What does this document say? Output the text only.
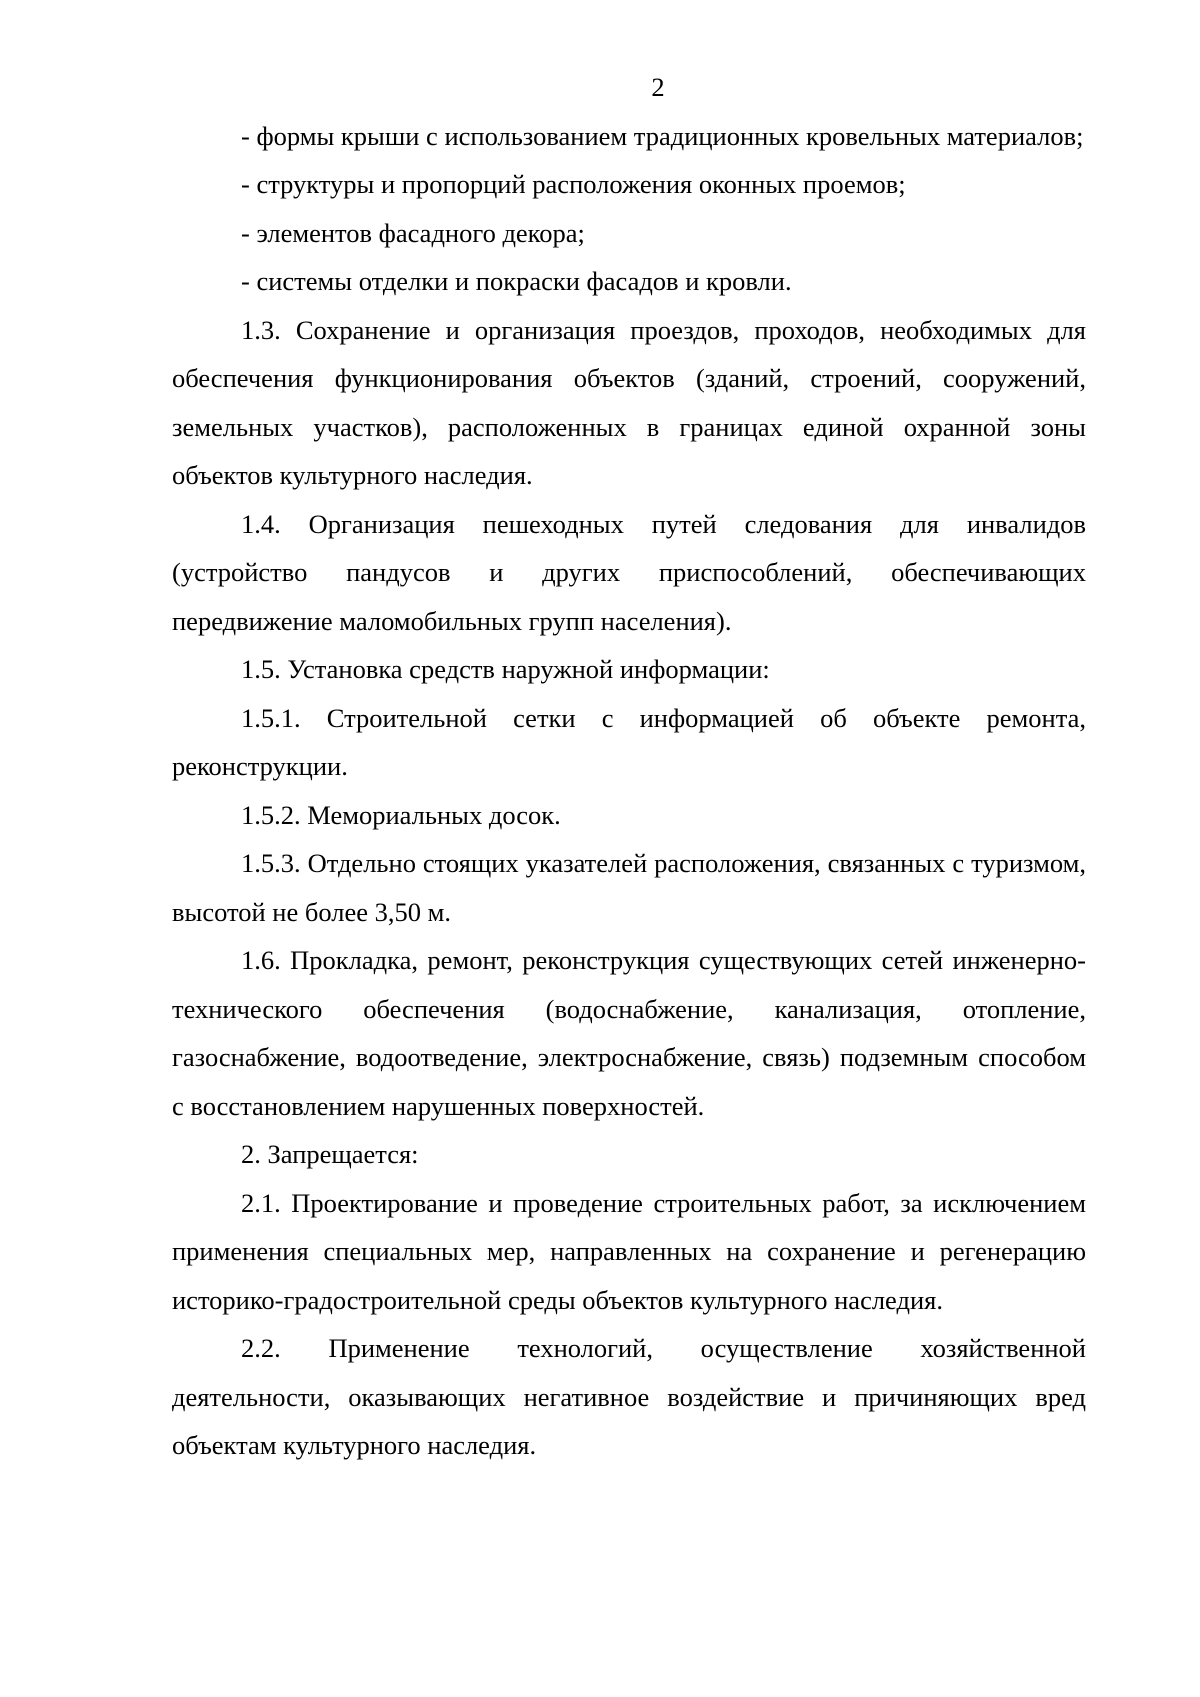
2

- формы крыши с использованием традиционных кровельных материалов;

- структуры и пропорций расположения оконных проемов;

- элементов фасадного декора;

- системы отделки и покраски фасадов и кровли.

1.3. Сохранение и организация проездов, проходов, необходимых для обеспечения функционирования объектов (зданий, строений, сооружений, земельных участков), расположенных в границах единой охранной зоны объектов культурного наследия.

1.4. Организация пешеходных путей следования для инвалидов (устройство пандусов и других приспособлений, обеспечивающих передвижение маломобильных групп населения).

1.5. Установка средств наружной информации:

1.5.1. Строительной сетки с информацией об объекте ремонта, реконструкции.

1.5.2. Мемориальных досок.

1.5.3. Отдельно стоящих указателей расположения, связанных с туризмом, высотой не более 3,50 м.

1.6. Прокладка, ремонт, реконструкция существующих сетей инженерно-технического обеспечения (водоснабжение, канализация, отопление, газоснабжение, водоотведение, электроснабжение, связь) подземным способом с восстановлением нарушенных поверхностей.

2. Запрещается:

2.1. Проектирование и проведение строительных работ, за исключением применения специальных мер, направленных на сохранение и регенерацию историко-градостроительной среды объектов культурного наследия.

2.2. Применение технологий, осуществление хозяйственной деятельности, оказывающих негативное воздействие и причиняющих вред объектам культурного наследия.
